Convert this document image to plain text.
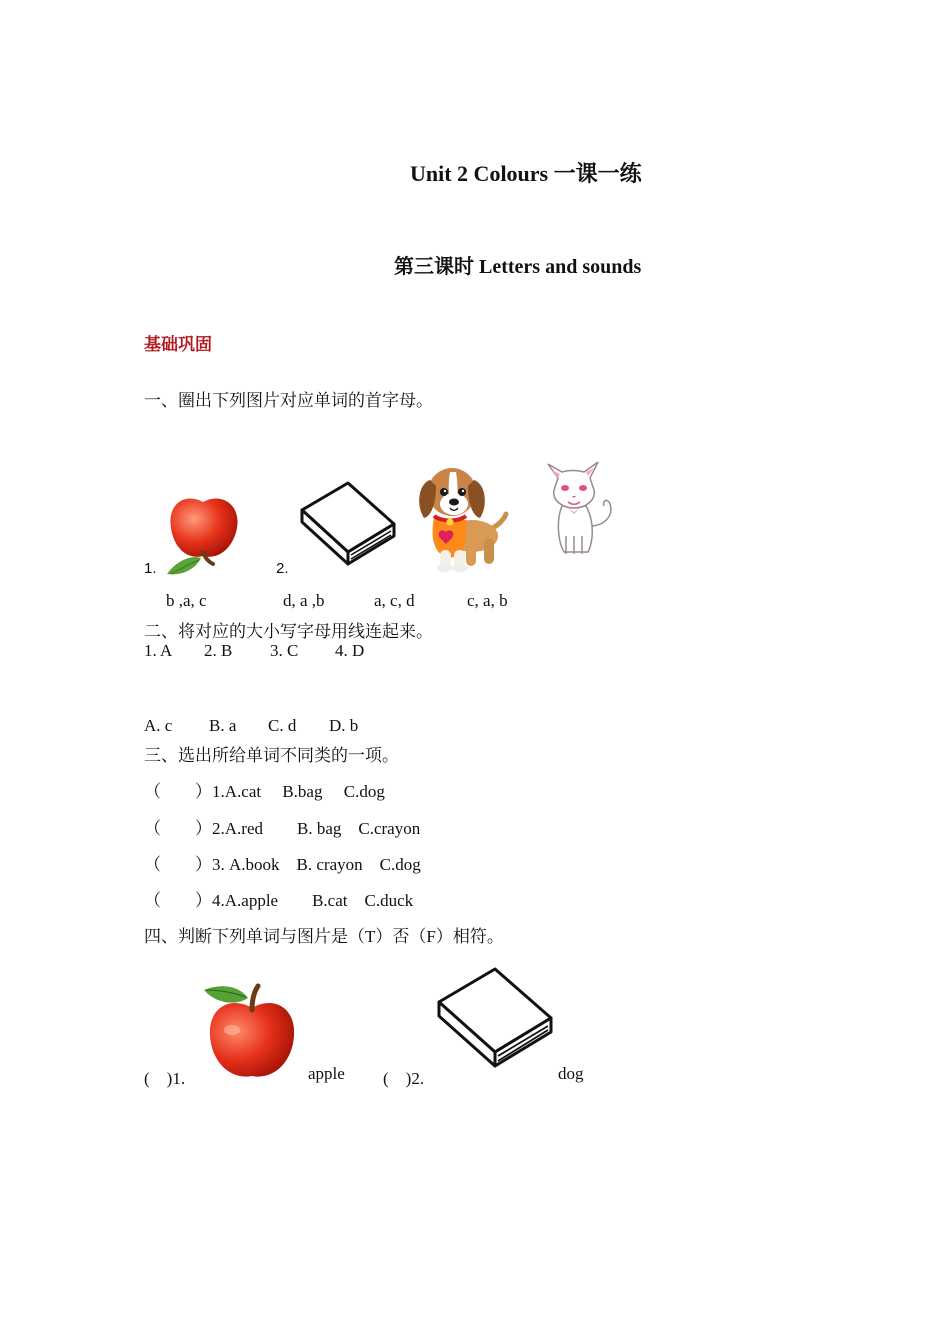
Unit 2 Colours 一课一练
第三课时 Letters and sounds
基础巩固
一、圈出下列图片对应单词的首字母。
1.	2.
b ,a, c	d, a ,b	a, c, d	c, a, b
二、将对应的大小写字母用线连起来。
1. A 2. B 3. C 4. D
A. c B. a C. d D. b
三、选出所给单词不同类的一项。
（　　）1.A.cat　 B.bag 　C.dog
（　　）2.A.red　　B. bag　C.crayon
（　　）3. A.book　B. crayon　C.dog
（　　）4.A.apple　　B.cat　C.duck
四、判断下列单词与图片是（T）否（F）相符。
(　)1.	apple (　)2.	dog
